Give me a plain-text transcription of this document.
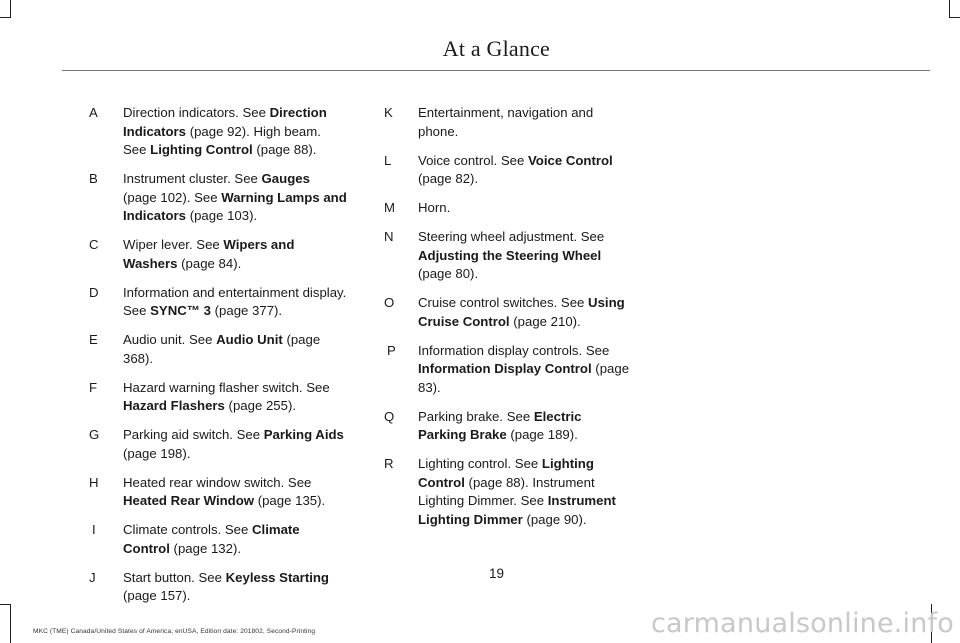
At a Glance
A	Direction indicators. See Direction Indicators (page 92). High beam. See Lighting Control (page 88).
B	Instrument cluster. See Gauges (page 102). See Warning Lamps and Indicators (page 103).
C	Wiper lever. See Wipers and Washers (page 84).
D	Information and entertainment display. See SYNC™ 3 (page 377).
E	Audio unit. See Audio Unit (page 368).
F	Hazard warning flasher switch. See Hazard Flashers (page 255).
G	Parking aid switch. See Parking Aids (page 198).
H	Heated rear window switch. See Heated Rear Window (page 135).
I	Climate controls. See Climate Control (page 132).
J	Start button. See Keyless Starting (page 157).
K	Entertainment, navigation and phone.
L	Voice control. See Voice Control (page 82).
M	Horn.
N	Steering wheel adjustment. See Adjusting the Steering Wheel (page 80).
O	Cruise control switches. See Using Cruise Control (page 210).
P	Information display controls. See Information Display Control (page 83).
Q	Parking brake. See Electric Parking Brake (page 189).
R	Lighting control. See Lighting Control (page 88). Instrument Lighting Dimmer. See Instrument Lighting Dimmer (page 90).
19
MKC (TME) Canada/United States of America, enUSA, Edition date: 201802, Second-Printing	carmanualsonline.info
